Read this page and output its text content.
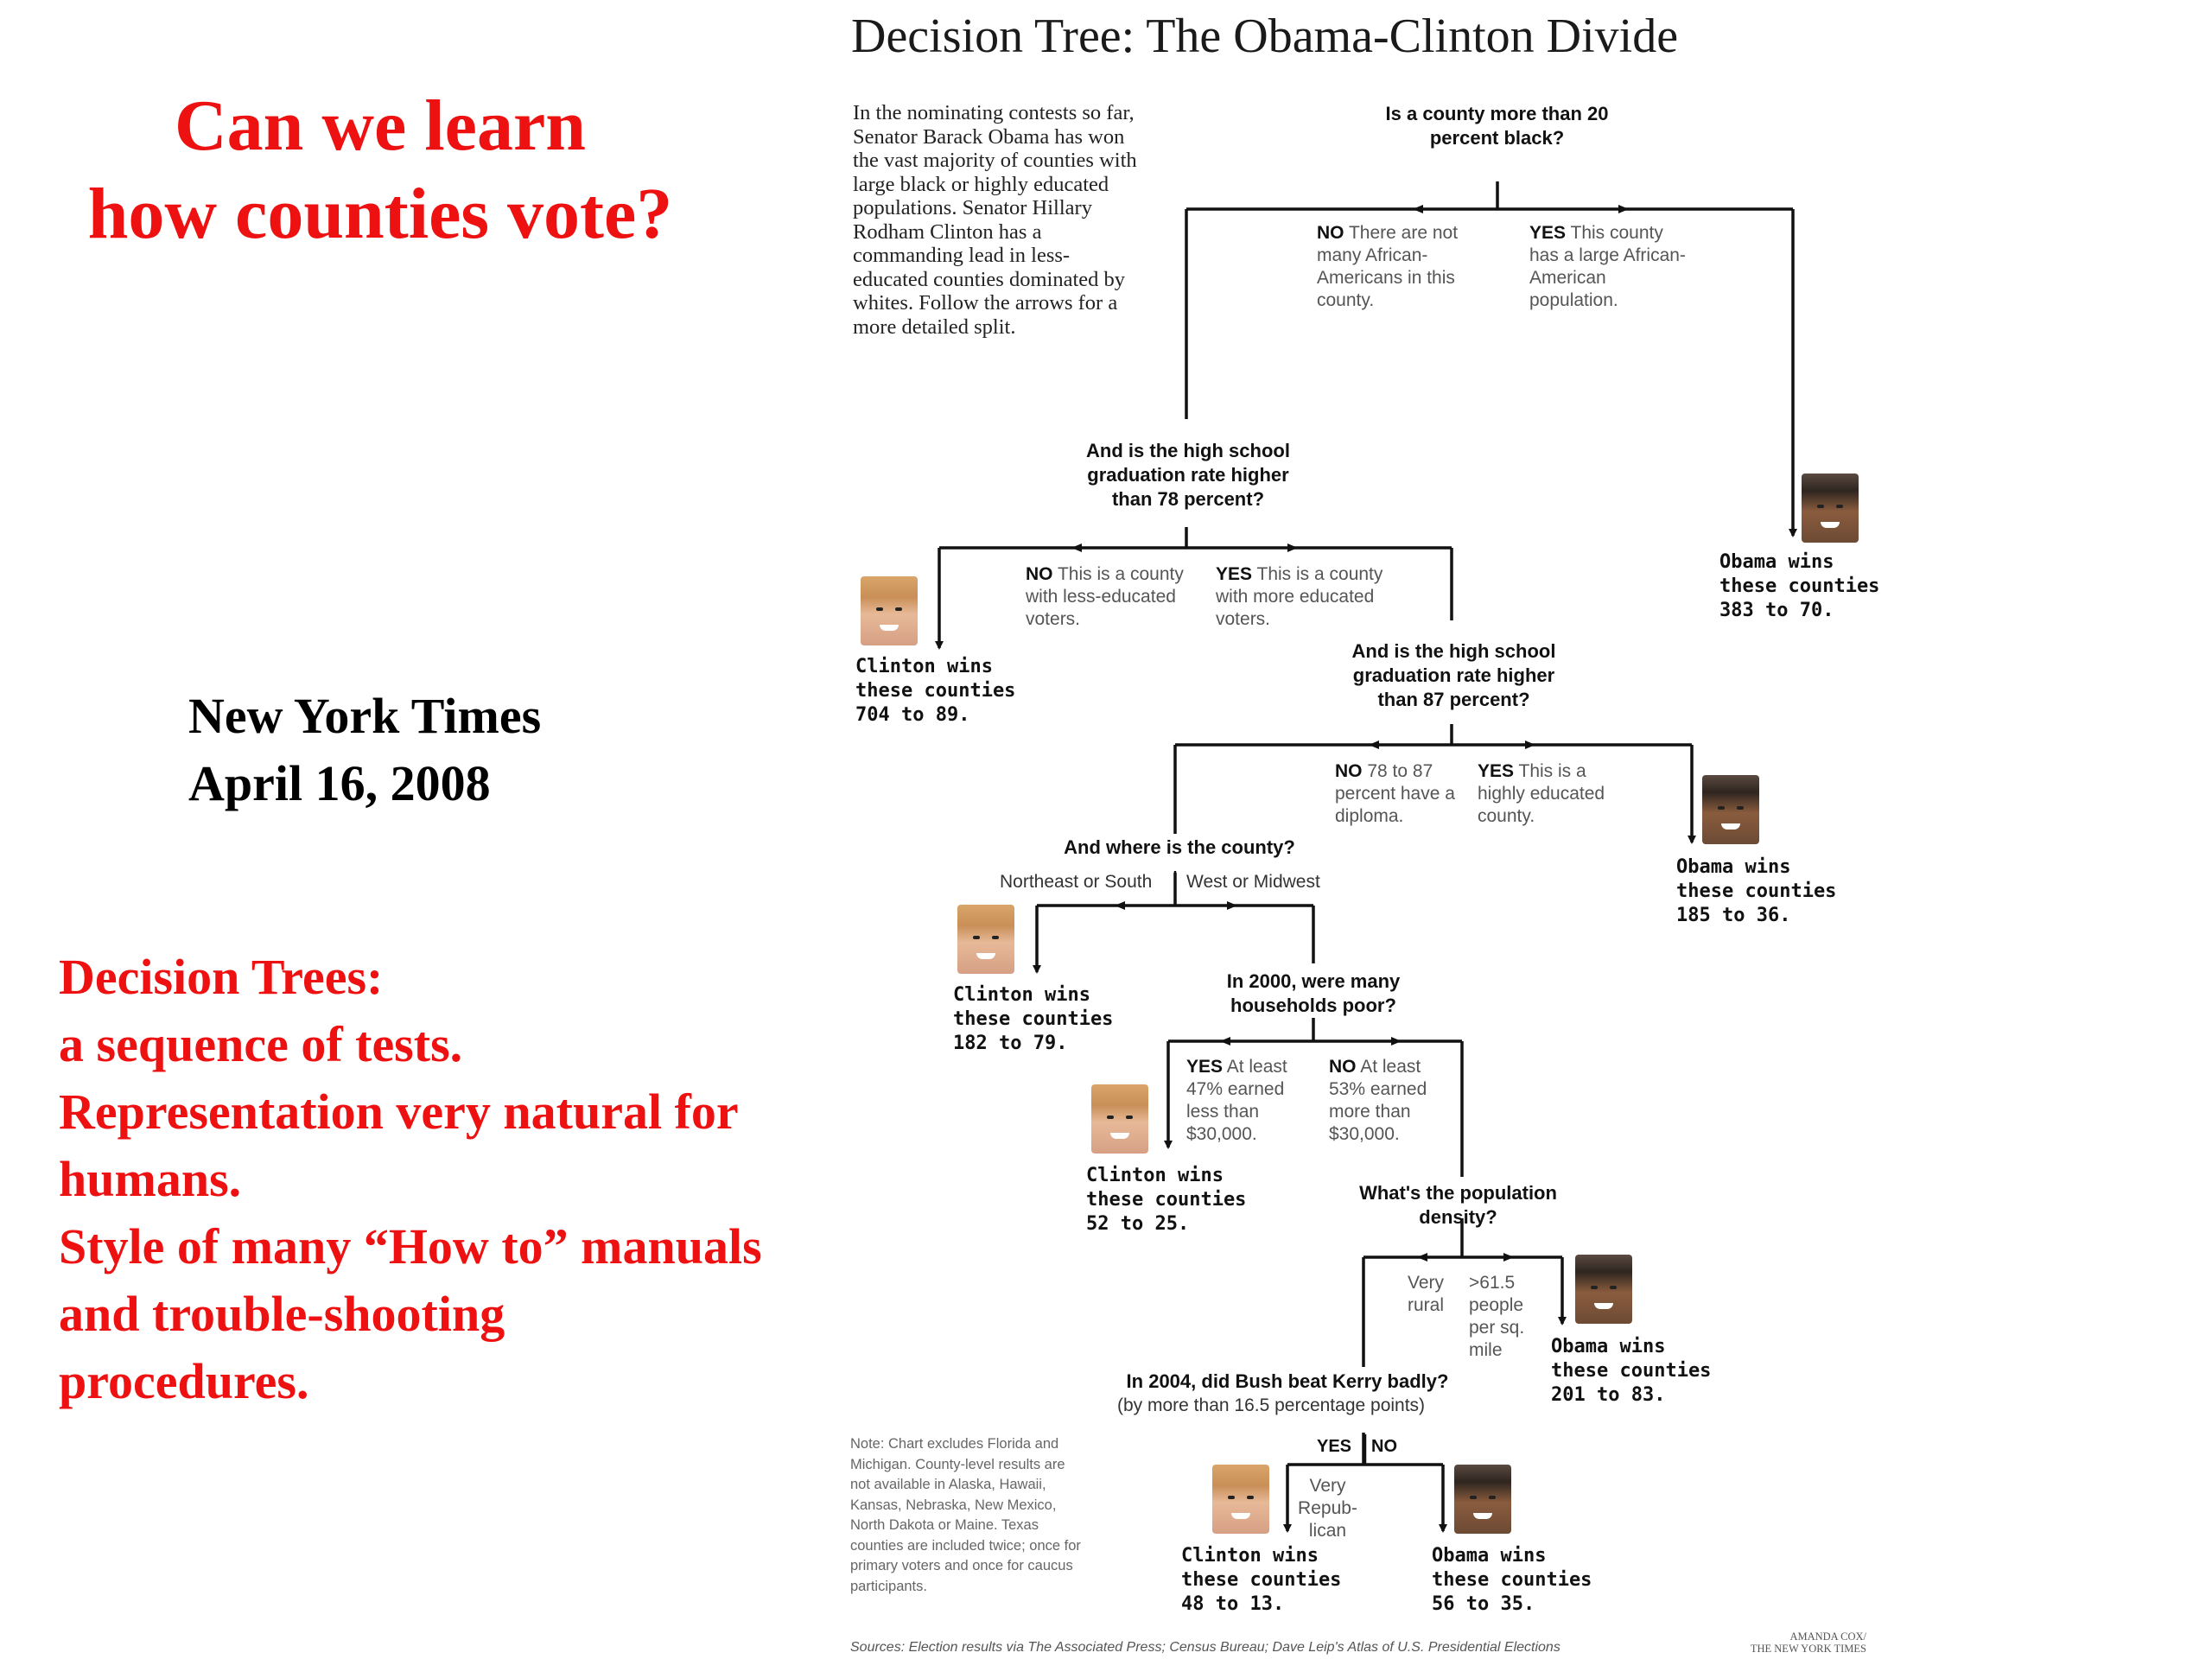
Can we learn
how counties vote?
New York Times
April 16, 2008
Decision Trees:
a sequence of tests.
Representation very natural for
humans.
Style of many “How to” manuals
and trouble-shooting
procedures.
Decision Tree: The Obama-Clinton Divide
In the nominating contests so far, Senator Barack Obama has won the vast majority of counties with large black or highly educated populations. Senator Hillary Rodham Clinton has a commanding lead in less-educated counties dominated by whites. Follow the arrows for a more detailed split.
Is a county more than 20 percent black?
NO There are not many African-Americans in this county.
YES This county has a large African-American population.
And is the high school graduation rate higher than 78 percent?
NO This is a county with less-educated voters.
YES This is a county with more educated voters.
And is the high school graduation rate higher than 87 percent?
NO 78 to 87 percent have a diploma.
YES This is a highly educated county.
And where is the county?
Northeast or South West or Midwest
In 2000, were many households poor?
YES At least 47% earned less than $30,000.
NO At least 53% earned more than $30,000.
What's the population density?
Very rural
>61.5 people per sq. mile
In 2004, did Bush beat Kerry badly?
(by more than 16.5 percentage points)
YES NO
Very Repub-lican
Obama wins
these counties
383 to 70.
Clinton wins
these counties
704 to 89.
Obama wins
these counties
185 to 36.
Clinton wins
these counties
182 to 79.
Clinton wins
these counties
52 to 25.
Obama wins
these counties
201 to 83.
Clinton wins
these counties
48 to 13.
Obama wins
these counties
56 to 35.
Note: Chart excludes Florida and Michigan. County-level results are not available in Alaska, Hawaii, Kansas, Nebraska, New Mexico, North Dakota or Maine. Texas counties are included twice; once for primary voters and once for caucus participants.
Sources: Election results via The Associated Press; Census Bureau; Dave Leip's Atlas of U.S. Presidential Elections
AMANDA COX/
THE NEW YORK TIMES
